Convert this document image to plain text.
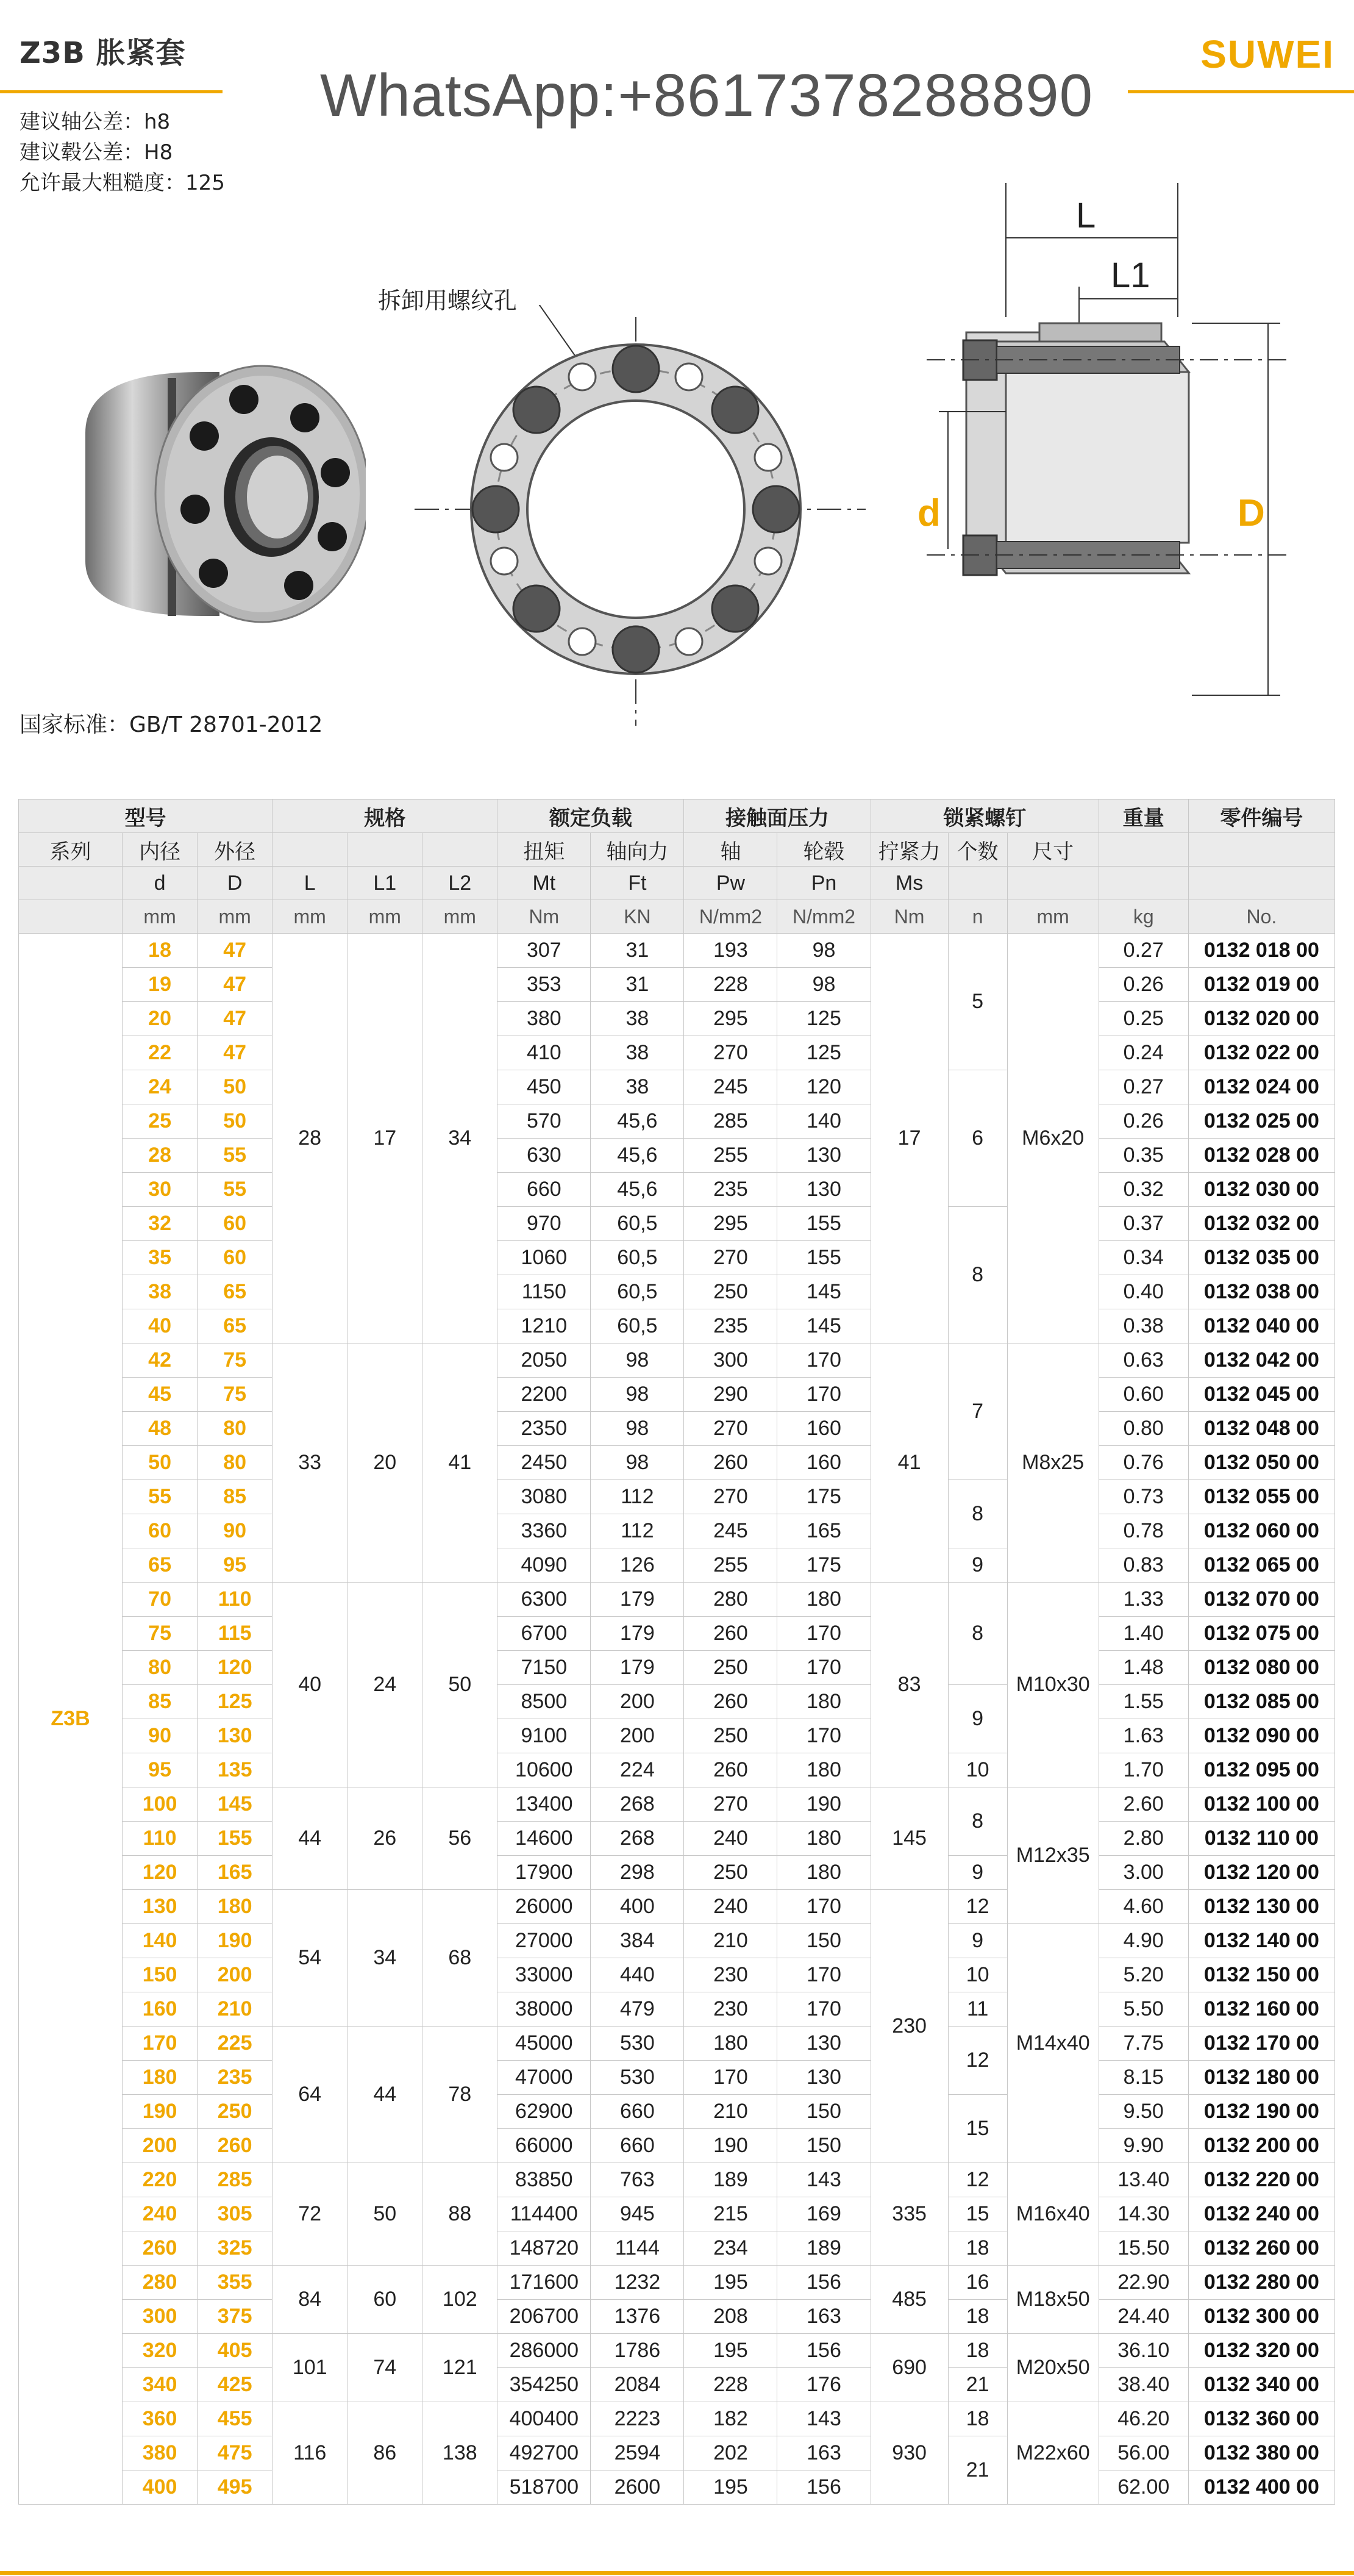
Z3B 胀紧套
WhatsApp:+8617378288890
SUWEI
建议轴公差：h8
建议毂公差：H8
允许最大粗糙度：125
拆卸用螺纹孔
L
L1
d	D
国家标准：GB/T 28701-2012
型号			规格			额定负载		接触面压力		锁紧螺钉			重量	零件编号
系列	内径	外径				扭矩	轴向力	轴	轮毂	拧紧力	个数	尺寸		
	d	D	L	L1	L2	Mt	Ft	Pw	Pn	Ms				
	mm	mm	mm	mm	mm	Nm	KN	N/mm2	N/mm2	Nm	n	mm	kg	No.
Z3B	18	47	28	17	34	307	31	193	98	17	5	M6x20	0.27	0132 018 00
	19	47				353	31	228	98				0.26	0132 019 00
	20	47				380	38	295	125				0.25	0132 020 00
	22	47				410	38	270	125				0.24	0132 022 00
	24	50				450	38	245	120		6		0.27	0132 024 00
	25	50				570	45,6	285	140				0.26	0132 025 00
	28	55				630	45,6	255	130				0.35	0132 028 00
	30	55				660	45,6	235	130				0.32	0132 030 00
	32	60				970	60,5	295	155		8		0.37	0132 032 00
	35	60				1060	60,5	270	155				0.34	0132 035 00
	38	65				1150	60,5	250	145				0.40	0132 038 00
	40	65				1210	60,5	235	145				0.38	0132 040 00
	42	75	33	20	41	2050	98	300	170	41	7	M8x25	0.63	0132 042 00
	45	75				2200	98	290	170				0.60	0132 045 00
	48	80				2350	98	270	160				0.80	0132 048 00
	50	80				2450	98	260	160				0.76	0132 050 00
	55	85				3080	112	270	175		8		0.73	0132 055 00
	60	90				3360	112	245	165				0.78	0132 060 00
	65	95				4090	126	255	175		9		0.83	0132 065 00
	70	110	40	24	50	6300	179	280	180	83	8	M10x30	1.33	0132 070 00
	75	115				6700	179	260	170				1.40	0132 075 00
	80	120				7150	179	250	170				1.48	0132 080 00
	85	125				8500	200	260	180		9		1.55	0132 085 00
	90	130				9100	200	250	170				1.63	0132 090 00
	95	135				10600	224	260	180		10		1.70	0132 095 00
	100	145	44	26	56	13400	268	270	190	145	8	M12x35	2.60	0132 100 00
	110	155				14600	268	240	180				2.80	0132 110 00
	120	165				17900	298	250	180		9		3.00	0132 120 00
	130	180	54	34	68	26000	400	240	170	230	12		4.60	0132 130 00
	140	190				27000	384	210	150		9	M14x40	4.90	0132 140 00
	150	200				33000	440	230	170		10		5.20	0132 150 00
	160	210				38000	479	230	170		11		5.50	0132 160 00
	170	225	64	44	78	45000	530	180	130		12		7.75	0132 170 00
	180	235				47000	530	170	130				8.15	0132 180 00
	190	250				62900	660	210	150		15		9.50	0132 190 00
	200	260				66000	660	190	150				9.90	0132 200 00
	220	285	72	50	88	83850	763	189	143	335	12	M16x40	13.40	0132 220 00
	240	305				114400	945	215	169		15		14.30	0132 240 00
	260	325				148720	1144	234	189		18		15.50	0132 260 00
	280	355	84	60	102	171600	1232	195	156	485	16	M18x50	22.90	0132 280 00
	300	375				206700	1376	208	163		18		24.40	0132 300 00
	320	405	101	74	121	286000	1786	195	156	690	18	M20x50	36.10	0132 320 00
	340	425				354250	2084	228	176		21		38.40	0132 340 00
	360	455	116	86	138	400400	2223	182	143	930	18	M22x60	46.20	0132 360 00
	380	475				492700	2594	202	163		21		56.00	0132 380 00
	400	495				518700	2600	195	156				62.00	0132 400 00
